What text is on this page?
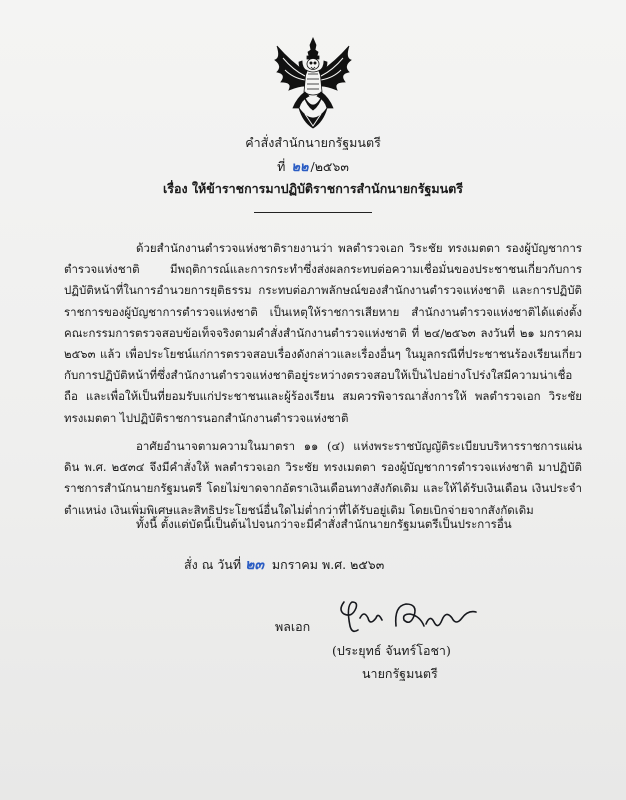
คำสั่งสำนักนายกรัฐมนตรี
ที่ ๒๒ /๒๕๖๓
เรื่อง ให้ข้าราชการมาปฏิบัติราชการสำนักนายกรัฐมนตรี

ด้วยสำนักงานตำรวจแห่งชาติรายงานว่า พลตำรวจเอก วิระชัย ทรงเมตตา รองผู้บัญชาการตำรวจแห่งชาติ มีพฤติการณ์และการกระทำซึ่งส่งผลกระทบต่อความเชื่อมั่นของประชาชนเกี่ยวกับการปฏิบัติหน้าที่ในการอำนวยการยุติธรรม กระทบต่อภาพลักษณ์ของสำนักงานตำรวจแห่งชาติ และการปฏิบัติราชการของผู้บัญชาการตำรวจแห่งชาติ เป็นเหตุให้ราชการเสียหาย สำนักงานตำรวจแห่งชาติได้แต่งตั้งคณะกรรมการตรวจสอบข้อเท็จจริงตามคำสั่งสำนักงานตำรวจแห่งชาติ ที่ ๒๔/๒๕๖๓ ลงวันที่ ๒๑ มกราคม ๒๕๖๓ แล้ว เพื่อประโยชน์แก่การตรวจสอบเรื่องดังกล่าวและเรื่องอื่นๆ ในมูลกรณีที่ประชาชนร้องเรียนเกี่ยวกับการปฏิบัติหน้าที่ซึ่งสำนักงานตำรวจแห่งชาติอยู่ระหว่างตรวจสอบให้เป็นไปอย่างโปร่งใสมีความน่าเชื่อถือ และเพื่อให้เป็นที่ยอมรับแก่ประชาชนและผู้ร้องเรียน สมควรพิจารณาสั่งการให้ พลตำรวจเอก วิระชัย ทรงเมตตา ไปปฏิบัติราชการนอกสำนักงานตำรวจแห่งชาติ

อาศัยอำนาจตามความในมาตรา ๑๑ (๔) แห่งพระราชบัญญัติระเบียบบริหารราชการแผ่นดิน พ.ศ. ๒๕๓๔ จึงมีคำสั่งให้ พลตำรวจเอก วิระชัย ทรงเมตตา รองผู้บัญชาการตำรวจแห่งชาติ มาปฏิบัติราชการสำนักนายกรัฐมนตรี โดยไม่ขาดจากอัตราเงินเดือนทางสังกัดเดิม และให้ได้รับเงินเดือน เงินประจำตำแหน่ง เงินเพิ่มพิเศษและสิทธิประโยชน์อื่นใดไม่ต่ำกว่าที่ได้รับอยู่เดิม โดยเบิกจ่ายจากสังกัดเดิม

ทั้งนี้ ตั้งแต่บัดนี้เป็นต้นไปจนกว่าจะมีคำสั่งสำนักนายกรัฐมนตรีเป็นประการอื่น

สั่ง ณ วันที่ ๒๓ มกราคม พ.ศ. ๒๕๖๓
พลเอก
(ประยุทธ์ จันทร์โอชา)
นายกรัฐมนตรี
